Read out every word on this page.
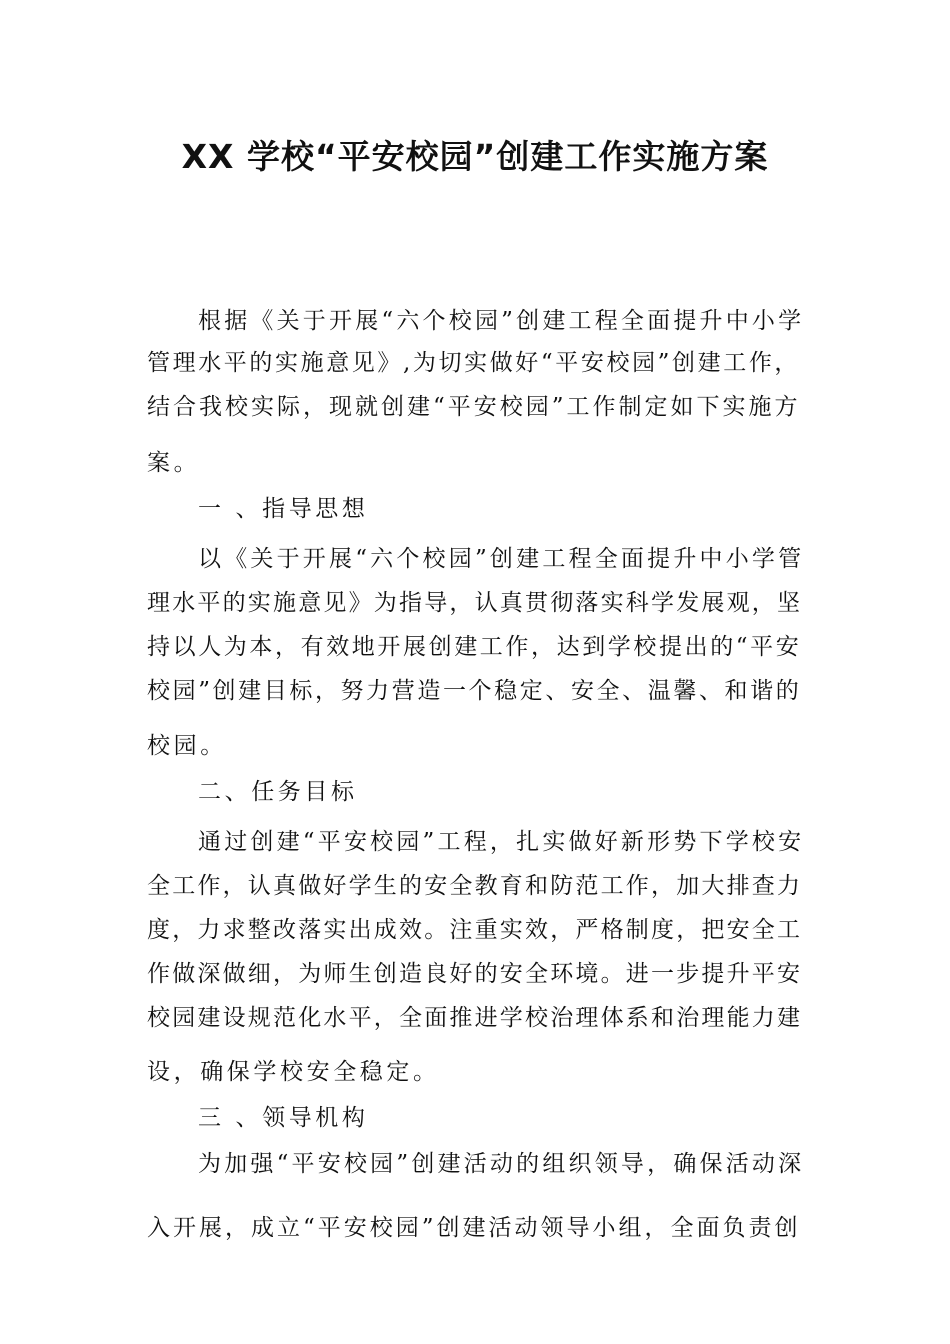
XX 学校“平安校园”创建工作实施方案

根据《关于开展“六个校园”创建工程全面提升中小学

管理水平的实施意见》,为切实做好“平安校园”创建工作，

结合我校实际，现就创建“平安校园”工作制定如下实施方

案。

一 、指导思想

以《关于开展“六个校园”创建工程全面提升中小学管

理水平的实施意见》为指导，认真贯彻落实科学发展观，坚

持以人为本，有效地开展创建工作，达到学校提出的“平安

校园”创建目标，努力营造一个稳定、安全、温馨、和谐的

校园。

二、任务目标

通过创建“平安校园”工程，扎实做好新形势下学校安

全工作，认真做好学生的安全教育和防范工作，加大排查力

度，力求整改落实出成效。注重实效，严格制度，把安全工

作做深做细，为师生创造良好的安全环境。进一步提升平安

校园建设规范化水平，全面推进学校治理体系和治理能力建

设，确保学校安全稳定。

三 、领导机构

为加强“平安校园”创建活动的组织领导，确保活动深

入开展，成立“平安校园”创建活动领导小组，全面负责创
